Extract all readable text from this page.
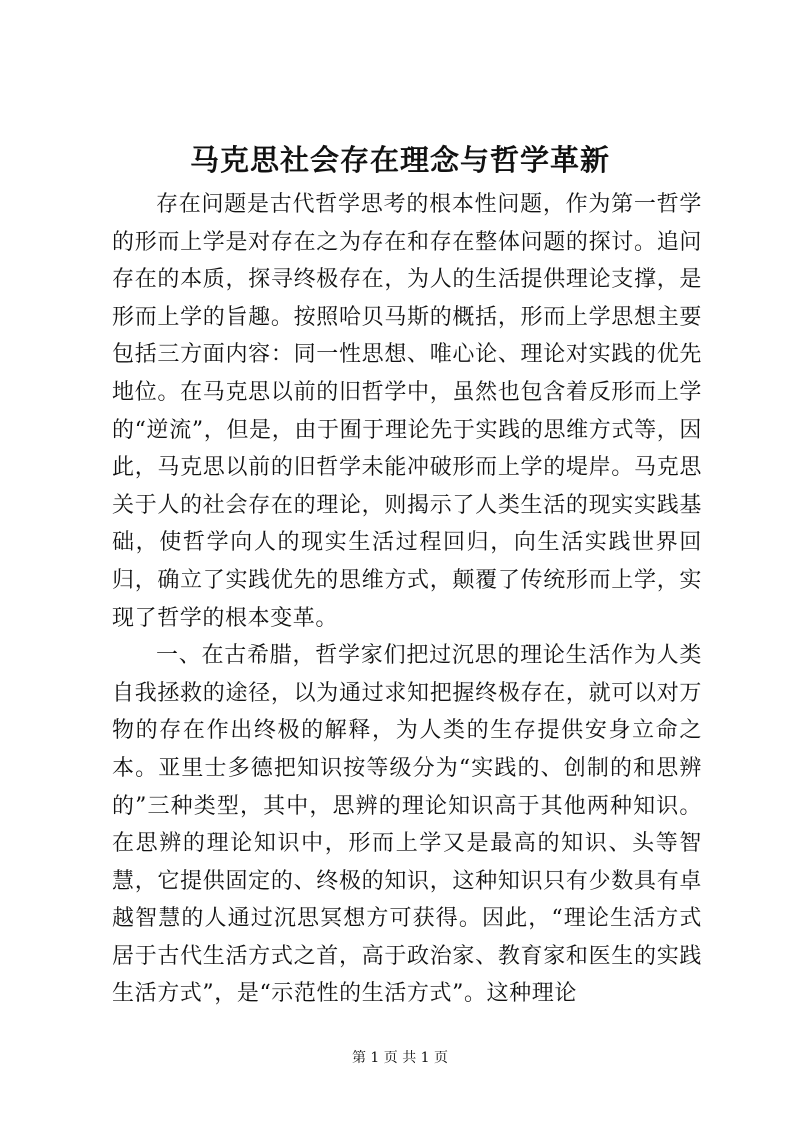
马克思社会存在理念与哲学革新

存在问题是古代哲学思考的根本性问题，作为第一哲学的形而上学是对存在之为存在和存在整体问题的探讨。追问存在的本质，探寻终极存在，为人的生活提供理论支撑，是形而上学的旨趣。按照哈贝马斯的概括，形而上学思想主要包括三方面内容：同一性思想、唯心论、理论对实践的优先地位。在马克思以前的旧哲学中，虽然也包含着反形而上学的“逆流”，但是，由于囿于理论先于实践的思维方式等，因此，马克思以前的旧哲学未能冲破形而上学的堤岸。马克思关于人的社会存在的理论，则揭示了人类生活的现实实践基础，使哲学向人的现实生活过程回归，向生活实践世界回归，确立了实践优先的思维方式，颠覆了传统形而上学，实现了哲学的根本变革。

一、在古希腊，哲学家们把过沉思的理论生活作为人类自我拯救的途径，以为通过求知把握终极存在，就可以对万物的存在作出终极的解释，为人类的生存提供安身立命之本。亚里士多德把知识按等级分为“实践的、创制的和思辨的”三种类型，其中，思辨的理论知识高于其他两种知识。在思辨的理论知识中，形而上学又是最高的知识、头等智慧，它提供固定的、终极的知识，这种知识只有少数具有卓越智慧的人通过沉思冥想方可获得。因此，“理论生活方式居于古代生活方式之首，高于政治家、教育家和医生的实践生活方式”，是“示范性的生活方式”。这种理论

第 1 页 共 1 页
